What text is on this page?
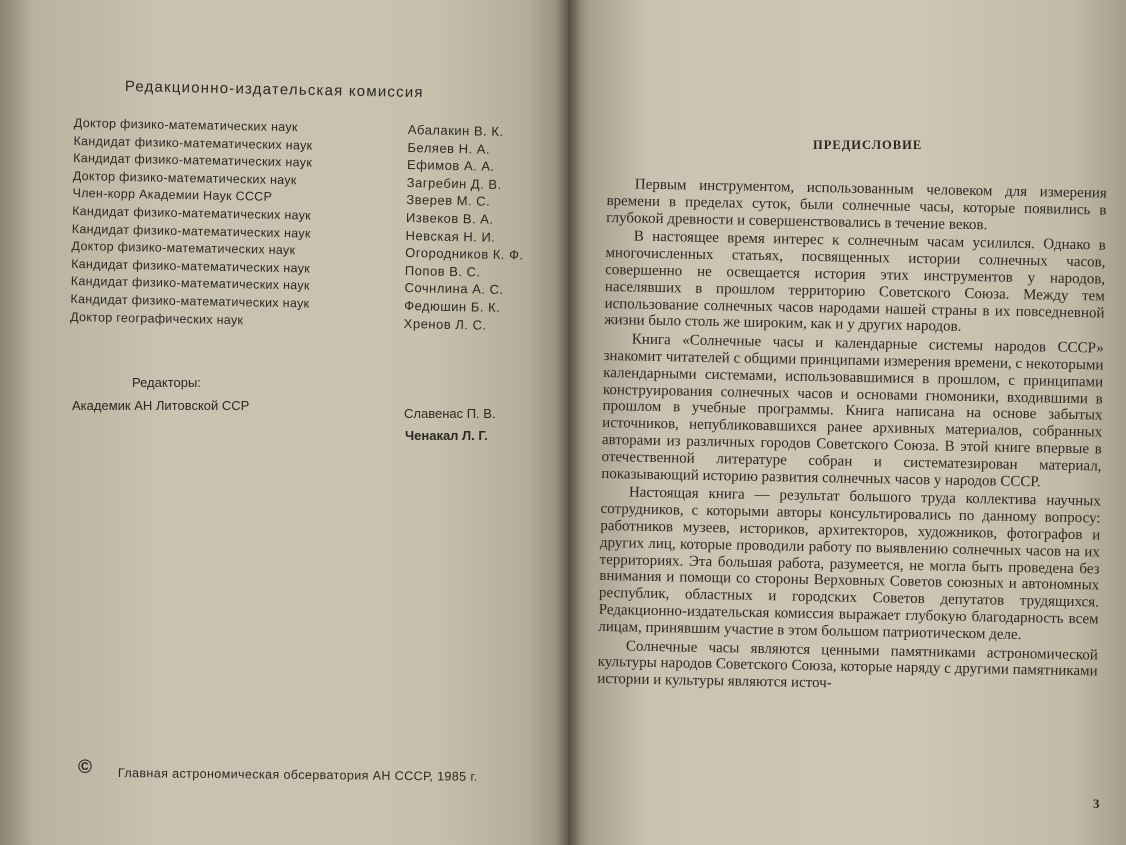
Редакционно-издательская комиссия
Доктор физико-математических наук
Кандидат физико-математических наук
Кандидат физико-математических наук
Доктор физико-математических наук
Член-корр Академии Наук СССР
Кандидат физико-математических наук
Кандидат физико-математических наук
Доктор физико-математических наук
Кандидат физико-математических наук
Кандидат физико-математических наук
Кандидат физико-математических наук
Доктор географических наук
Абалакин В. К.
Беляев Н. А.
Ефимов А. А.
Загребин Д. В.
Зверев М. С.
Извеков В. А.
Невская Н. И.
Огородников К. Ф.
Попов В. С.
Сочнлина А. С.
Федюшин Б. К.
Хренов Л. С.
Редакторы:
Академик АН Литовской ССР
Славенас П. В.
Ченакал Л. Г.
© Главная астрономическая обсерватория АН СССР, 1985 г.
ПРЕДИСЛОВИЕ

Первым инструментом, использованным человеком для измерения времени в пределах суток, были солнечные часы, которые появились в глубокой древности и совершенствовались в течение веков.

В настоящее время интерес к солнечным часам усилился. Однако в многочисленных статьях, посвященных истории солнечных часов, совершенно не освещается история этих инструментов у народов, населявших в прошлом территорию Советского Союза. Между тем использование солнечных часов народами нашей страны в их повседневной жизни было столь же широким, как и у других народов.

Книга «Солнечные часы и календарные системы народов СССР» знакомит читателей с общими принципами измерения времени, с некоторыми календарными системами, использовавшимися в прошлом, с принципами конструирования солнечных часов и основами гномоники, входившими в прошлом в учебные программы. Книга написана на основе забытых источников, непубликовавшихся ранее архивных материалов, собранных авторами из различных городов Советского Союза. В этой книге впервые в отечественной литературе собран и систематезирован материал, показывающий историю развития солнечных часов у народов СССР.

Настоящая книга — результат большого труда коллектива научных сотрудников, с которыми авторы консультировались по данному вопросу: работников музеев, историков, архитекторов, художников, фотографов и других лиц, которые проводили работу по выявлению солнечных часов на их территориях. Эта большая работа, разумеется, не могла быть проведена без внимания и помощи со стороны Верховных Советов союзных и автономных республик, областных и городских Советов депутатов трудящихся. Редакционно-издательская комиссия выражает глубокую благодарность всем лицам, принявшим участие в этом большом патриотическом деле.

Солнечные часы являются ценными памятниками астрономической культуры народов Советского Союза, которые наряду с другими памятниками истории и культуры являются источ-

3
